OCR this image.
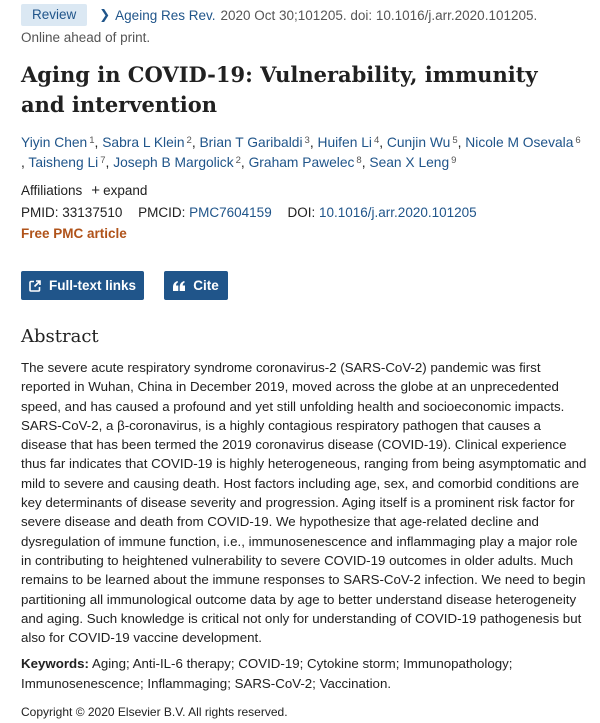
Review	❯ Ageing Res Rev. 2020 Oct 30;101205. doi: 10.1016/j.arr.2020.101205.
Online ahead of print.
Aging in COVID-19: Vulnerability, immunity and intervention
Yiyin Chen $^1$, Sabra L Klein $^2$, Brian T Garibaldi $^3$, Huifen Li $^4$, Cunjin Wu $^5$, Nicole M Osevala $^6$
, Taisheng Li $^7$, Joseph B Margolick $^2$, Graham Pawelec $^8$, Sean X Leng $^9$
Affiliations + expand
PMID: 33137510 PMCID: PMC7604159 DOI: 10.1016/j.arr.2020.101205
Free PMC article
Full-text links	Cite
Abstract

The severe acute respiratory syndrome coronavirus-2 (SARS-CoV-2) pandemic was first reported in Wuhan, China in December 2019, moved across the globe at an unprecedented speed, and has caused a profound and yet still unfolding health and socioeconomic impacts. SARS-CoV-2, a β-coronavirus, is a highly contagious respiratory pathogen that causes a disease that has been termed the 2019 coronavirus disease (COVID-19). Clinical experience thus far indicates that COVID-19 is highly heterogeneous, ranging from being asymptomatic and mild to severe and causing death. Host factors including age, sex, and comorbid conditions are key determinants of disease severity and progression. Aging itself is a prominent risk factor for severe disease and death from COVID-19. We hypothesize that age-related decline and dysregulation of immune function, i.e., immunosenescence and inflammaging play a major role in contributing to heightened vulnerability to severe COVID-19 outcomes in older adults. Much remains to be learned about the immune responses to SARS-CoV-2 infection. We need to begin partitioning all immunological outcome data by age to better understand disease heterogeneity and aging. Such knowledge is critical not only for understanding of COVID-19 pathogenesis but also for COVID-19 vaccine development.

Keywords: Aging; Anti-IL-6 therapy; COVID-19; Cytokine storm; Immunopathology; Immunosenescence; Inflammaging; SARS-CoV-2; Vaccination.

Copyright © 2020 Elsevier B.V. All rights reserved.
